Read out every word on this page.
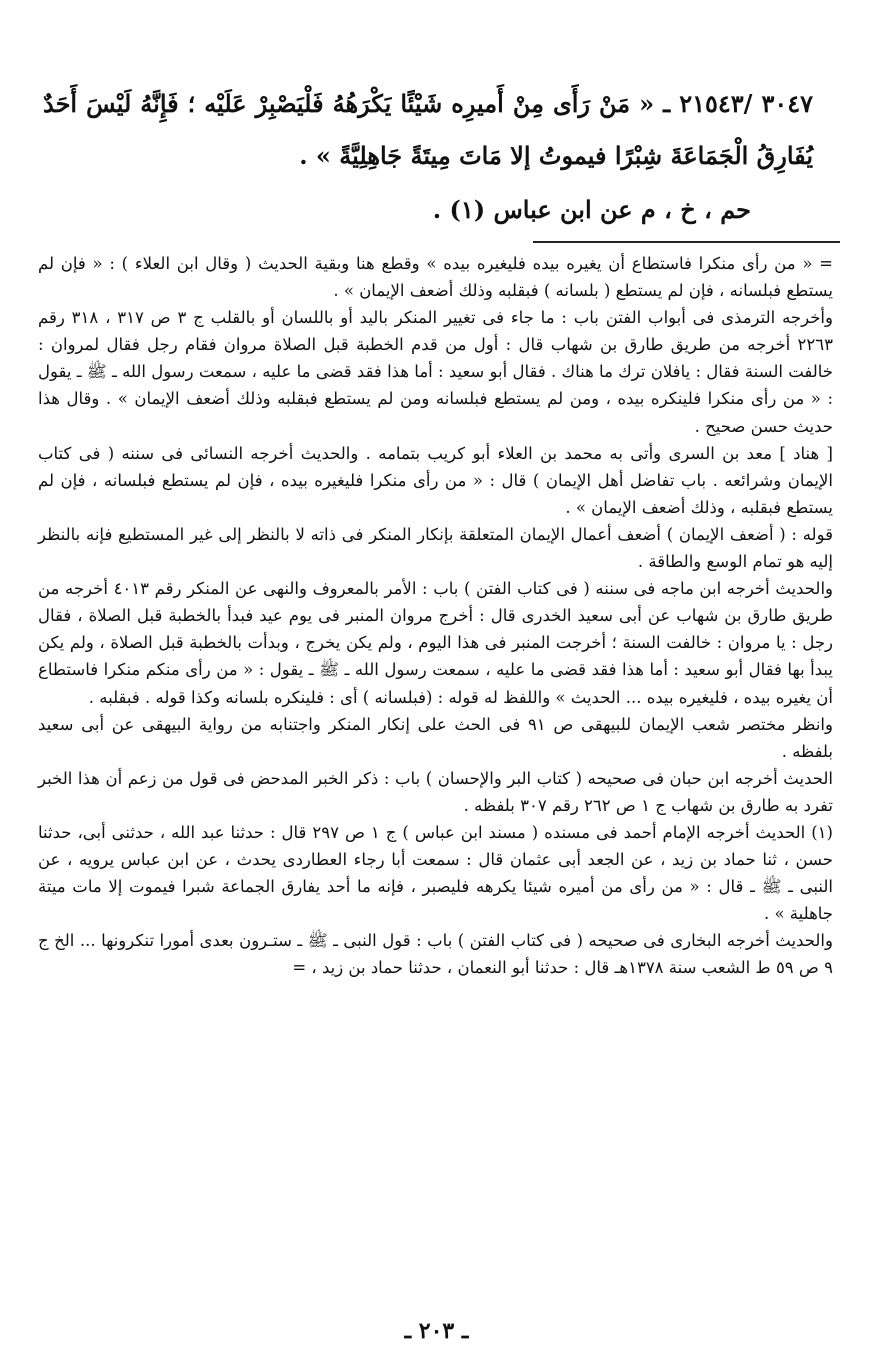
٣٠٤٧ /٢١٥٤٣ ـ « مَنْ رَأَى مِنْ أَميرِه شَيْئًا يَكْرَهُهُ فَلْيَصْبِرْ عَلَيْه ؛ فَإِنَّهُ لَيْسَ أَحَدٌ يُفَارِقُ الْجَمَاعَةَ شِبْرًا فيموتُ إلا مَاتَ مِيتَةً جَاهِلِيَّةً » .

حم ، خ ، م عن ابن عباس (١) .

= « من رأى منكرا فاستطاع أن يغيره بيده فليغيره بيده » وقطع هنا وبقية الحديث ( وقال ابن العلاء ) : « فإن لم يستطع فبلسانه ، فإن لم يستطع ( بلسانه ) فبقلبه وذلك أضعف الإيمان » .

وأخرجه الترمذى فى أبواب الفتن باب : ما جاء فى تغيير المنكر باليد أو باللسان أو بالقلب ج ٣ ص ٣١٧ ، ٣١٨ رقم ٢٢٦٣ أخرجه من طريق طارق بن شهاب قال : أول من قدم الخطبة قبل الصلاة مروان فقام رجل فقال لمروان : خالفت السنة فقال : يافلان ترك ما هناك . فقال أبو سعيد : أما هذا فقد قضى ما عليه ، سمعت رسول الله ـ ﷺ ـ يقول : « من رأى منكرا فلينكره بيده ، ومن لم يستطع فبلسانه ومن لم يستطع فبقلبه وذلك أضعف الإيمان » . وقال هذا حديث حسن صحيح .

[ هناد ] معد بن السرى وأتى به محمد بن العلاء أبو كريب بتمامه . والحديث أخرجه النسائى فى سننه ( فى كتاب الإيمان وشرائعه . باب تفاضل أهل الإيمان ) قال : « من رأى منكرا فليغيره بيده ، فإن لم يستطع فبلسانه ، فإن لم يستطع فبقلبه ، وذلك أضعف الإيمان » .

قوله : ( أضعف الإيمان ) أضعف أعمال الإيمان المتعلقة بإنكار المنكر فى ذاته لا بالنظر إلى غير المستطيع فإنه بالنظر إليه هو تمام الوسع والطاقة .

والحديث أخرجه ابن ماجه فى سننه ( فى كتاب الفتن ) باب : الأمر بالمعروف والنهى عن المنكر رقم ٤٠١٣ أخرجه من طريق طارق بن شهاب عن أبى سعيد الخدرى قال : أخرج مروان المنبر فى يوم عيد فبدأ بالخطبة قبل الصلاة ، فقال رجل : يا مروان : خالفت السنة ؛ أخرجت المنبر فى هذا اليوم ، ولم يكن يخرج ، وبدأت بالخطبة قبل الصلاة ، ولم يكن يبدأ بها فقال أبو سعيد : أما هذا فقد قضى ما عليه ، سمعت رسول الله ـ ﷺ ـ يقول : « من رأى منكم منكرا فاستطاع أن يغيره بيده ، فليغيره بيده ... الحديث » واللفظ له قوله : (فبلسانه ) أى : فلينكره بلسانه وكذا قوله . فبقلبه .

وانظر مختصر شعب الإيمان للبيهقى ص ٩١ فى الحث على إنكار المنكر واجتنابه من رواية البيهقى عن أبى سعيد بلفظه .

الحديث أخرجه ابن حبان فى صحيحه ( كتاب البر والإحسان ) باب : ذكر الخبر المدحض فى قول من زعم أن هذا الخبر تفرد به طارق بن شهاب ج ١ ص ٢٦٢ رقم ٣٠٧ بلفظه .

(١) الحديث أخرجه الإمام أحمد فى مسنده ( مسند ابن عباس ) ج ١ ص ٢٩٧ قال : حدثنا عبد الله ، حدثنى أبى، حدثنا حسن ، ثنا حماد بن زيد ، عن الجعد أبى عثمان قال : سمعت أبا رجاء العطاردى يحدث ، عن ابن عباس يرويه ، عن النبى ـ ﷺ ـ قال : « من رأى من أميره شيئا يكرهه فليصبر ، فإنه ما أحد يفارق الجماعة شبرا فيموت إلا مات ميتة جاهلية » .

والحديث أخرجه البخارى فى صحيحه ( فى كتاب الفتن ) باب : قول النبى ـ ﷺ ـ ستـرون بعدى أمورا تنكرونها ... الخ ج ٩ ص ٥٩ ط الشعب سنة ١٣٧٨هـ قال : حدثنا أبو النعمان ، حدثنا حماد بن زيد ، =

ـ ٢٠٣ ـ
